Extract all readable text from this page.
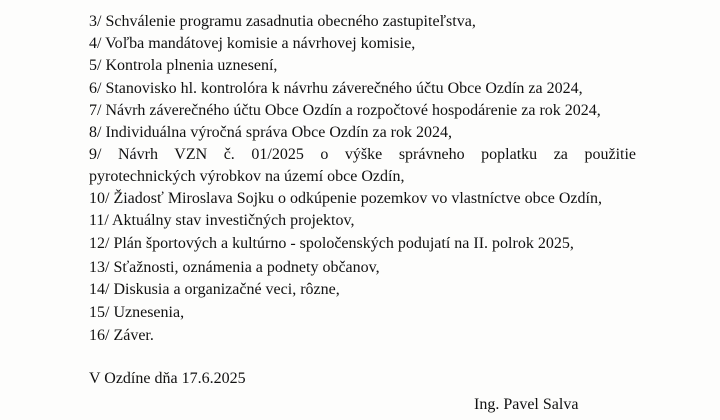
3/ Schválenie programu zasadnutia obecného zastupiteľstva,
4/ Voľba mandátovej komisie a návrhovej komisie,
5/ Kontrola plnenia uznesení,
6/ Stanovisko hl. kontrolóra k návrhu záverečného účtu Obce Ozdín za 2024,
7/ Návrh záverečného účtu Obce Ozdín a rozpočtové hospodárenie za rok 2024,
8/ Individuálna výročná správa Obce Ozdín za rok 2024,
9/ Návrh VZN č. 01/2025 o výške správneho poplatku za použitie
pyrotechnických výrobkov na území obce Ozdín,
10/ Žiadosť Miroslava Sojku o odkúpenie pozemkov vo vlastníctve obce Ozdín,
11/ Aktuálny stav investičných projektov,
12/ Plán športových a kultúrno - spoločenských podujatí na II. polrok 2025,
13/ Sťažnosti, oznámenia a podnety občanov,
14/ Diskusia a organizačné veci, rôzne,
15/ Uznesenia,
16/ Záver.
V Ozdíne dňa 17.6.2025
Ing. Pavel Salva
